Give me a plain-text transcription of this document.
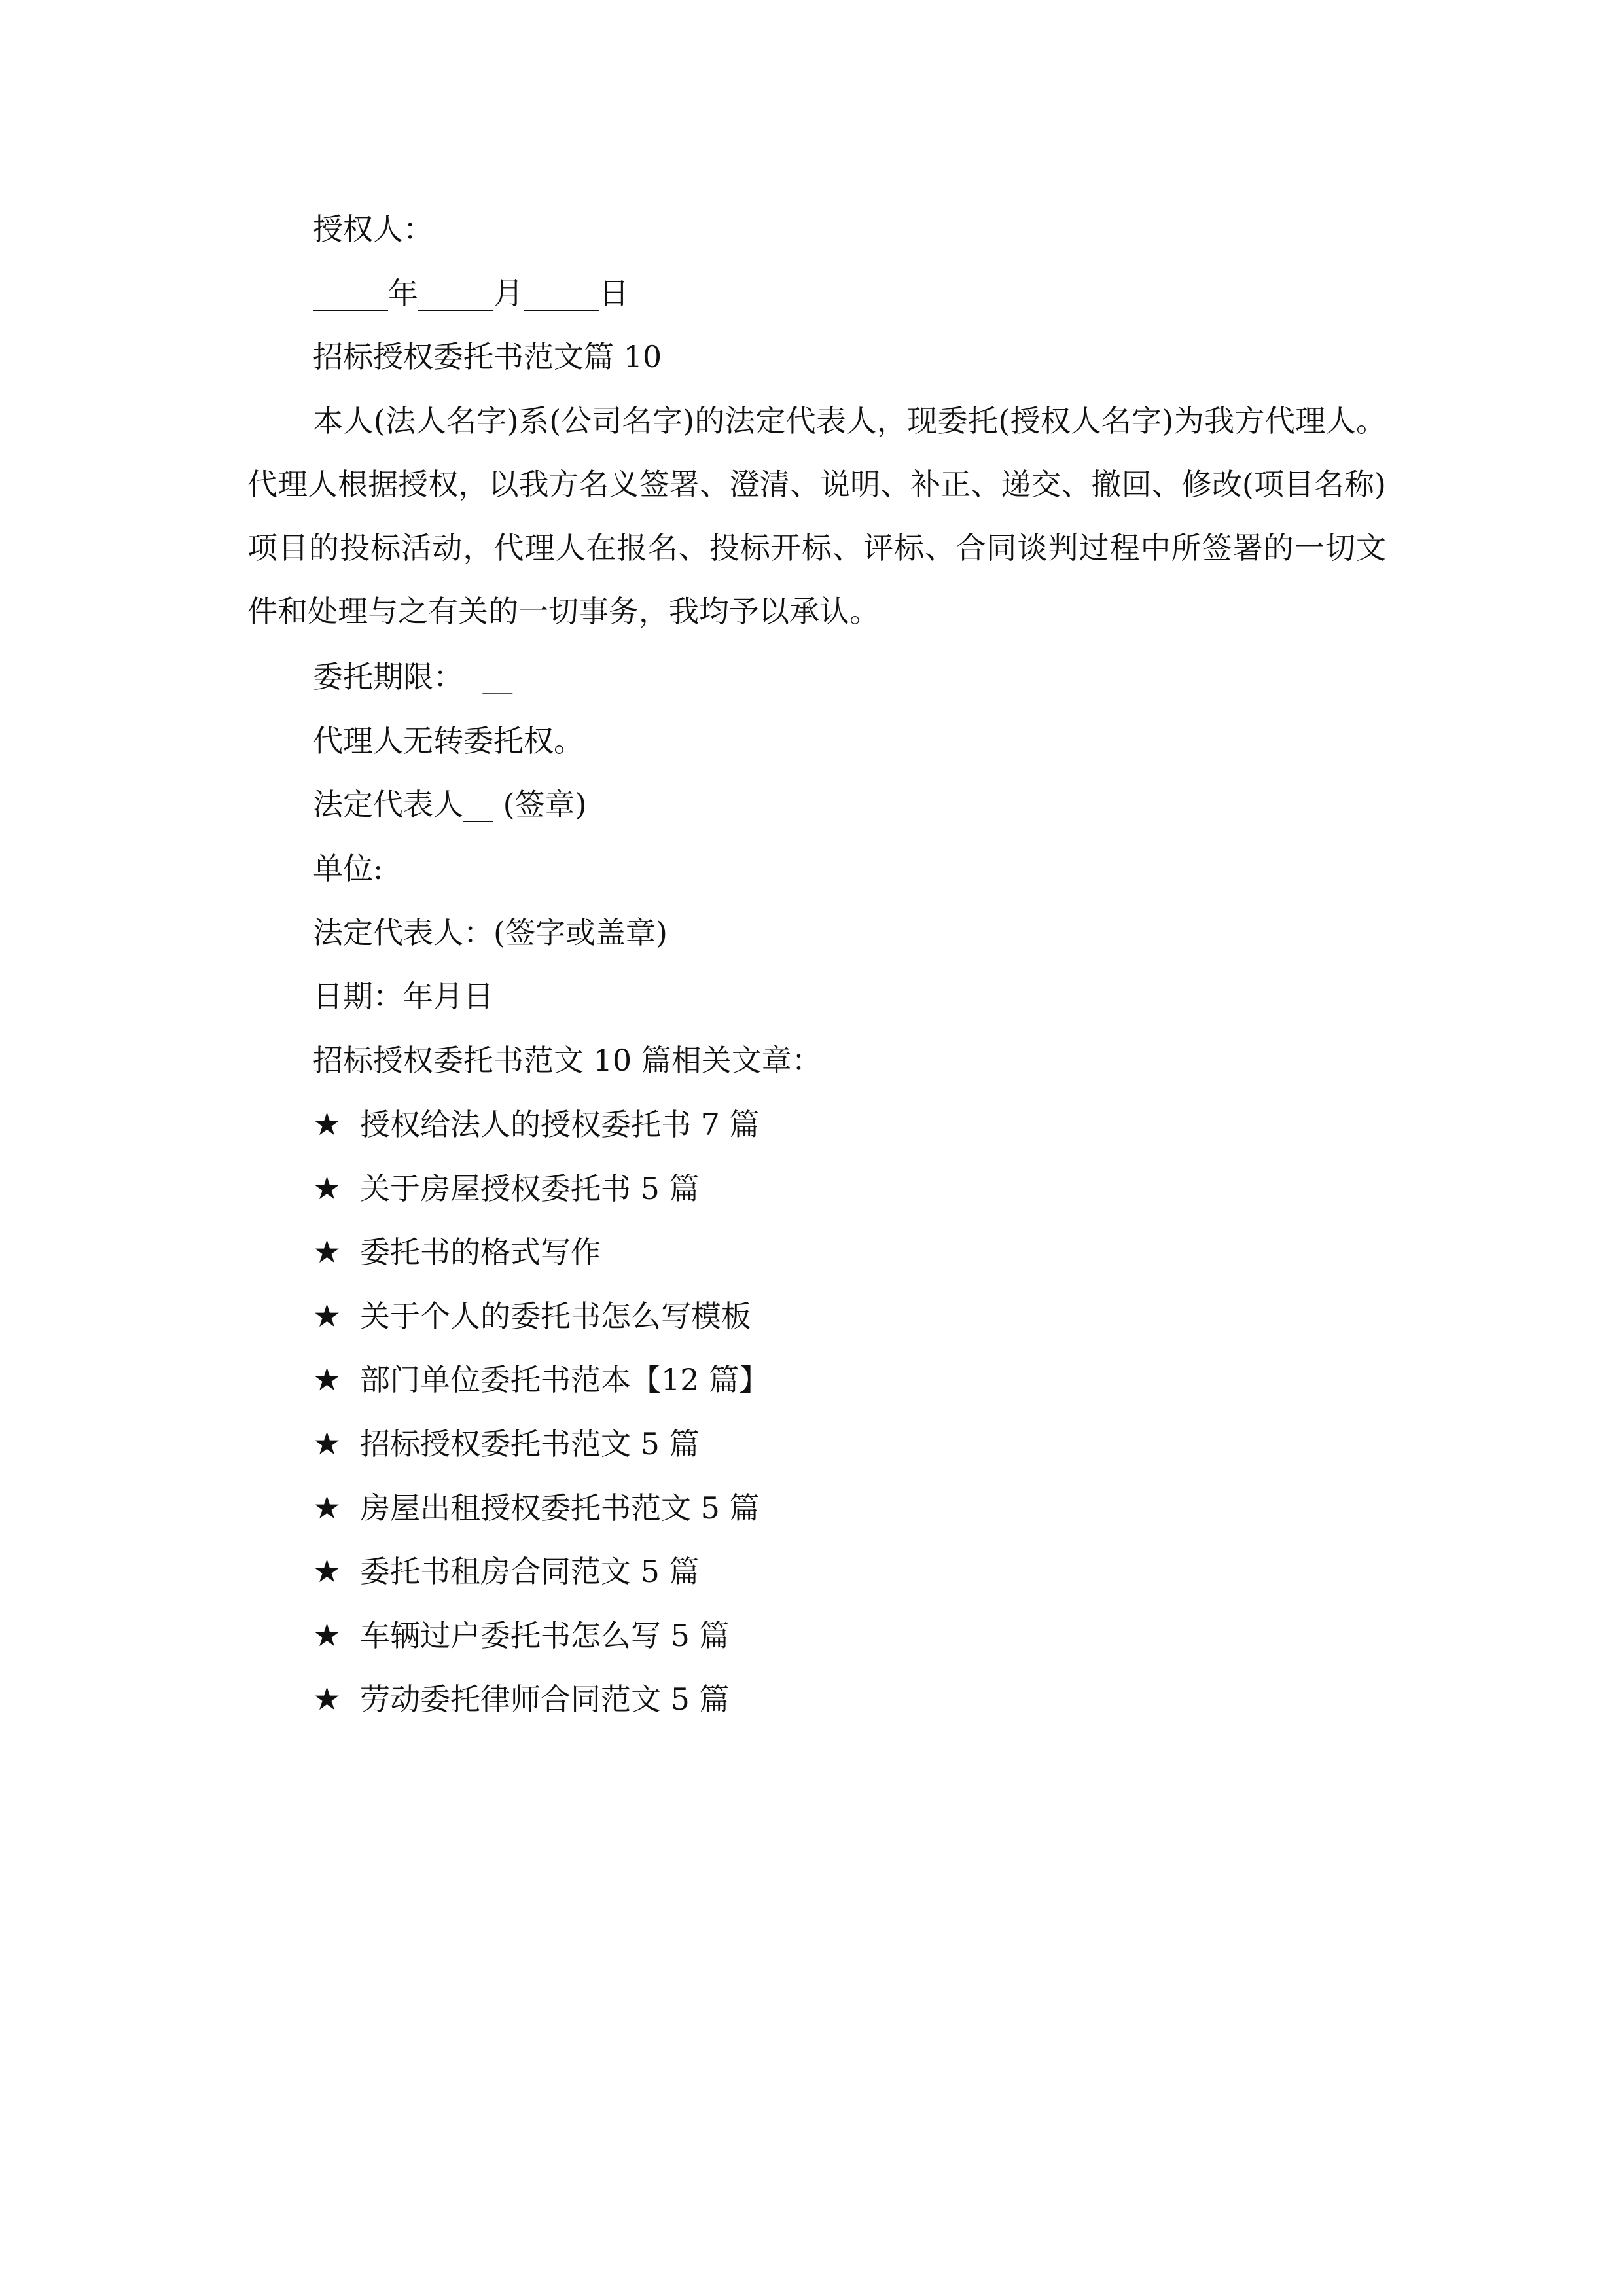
授权人：
_____年_____月_____日
招标授权委托书范文篇 10
本人(法人名字)系(公司名字)的法定代表人，现委托(授权人名字)为我方代理人。代理人根据授权，以我方名义签署、澄清、说明、补正、递交、撤回、修改(项目名称)项目的投标活动，代理人在报名、投标开标、评标、合同谈判过程中所签署的一切文件和处理与之有关的一切事务，我均予以承认。
委托期限：  __
代理人无转委托权。
法定代表人__ (签章)
单位:
法定代表人：(签字或盖章)
日期：年月日
招标授权委托书范文 10 篇相关文章：
★ 授权给法人的授权委托书 7 篇
★ 关于房屋授权委托书 5 篇
★ 委托书的格式写作
★ 关于个人的委托书怎么写模板
★ 部门单位委托书范本【12 篇】
★ 招标授权委托书范文 5 篇
★ 房屋出租授权委托书范文 5 篇
★ 委托书租房合同范文 5 篇
★ 车辆过户委托书怎么写 5 篇
★ 劳动委托律师合同范文 5 篇
